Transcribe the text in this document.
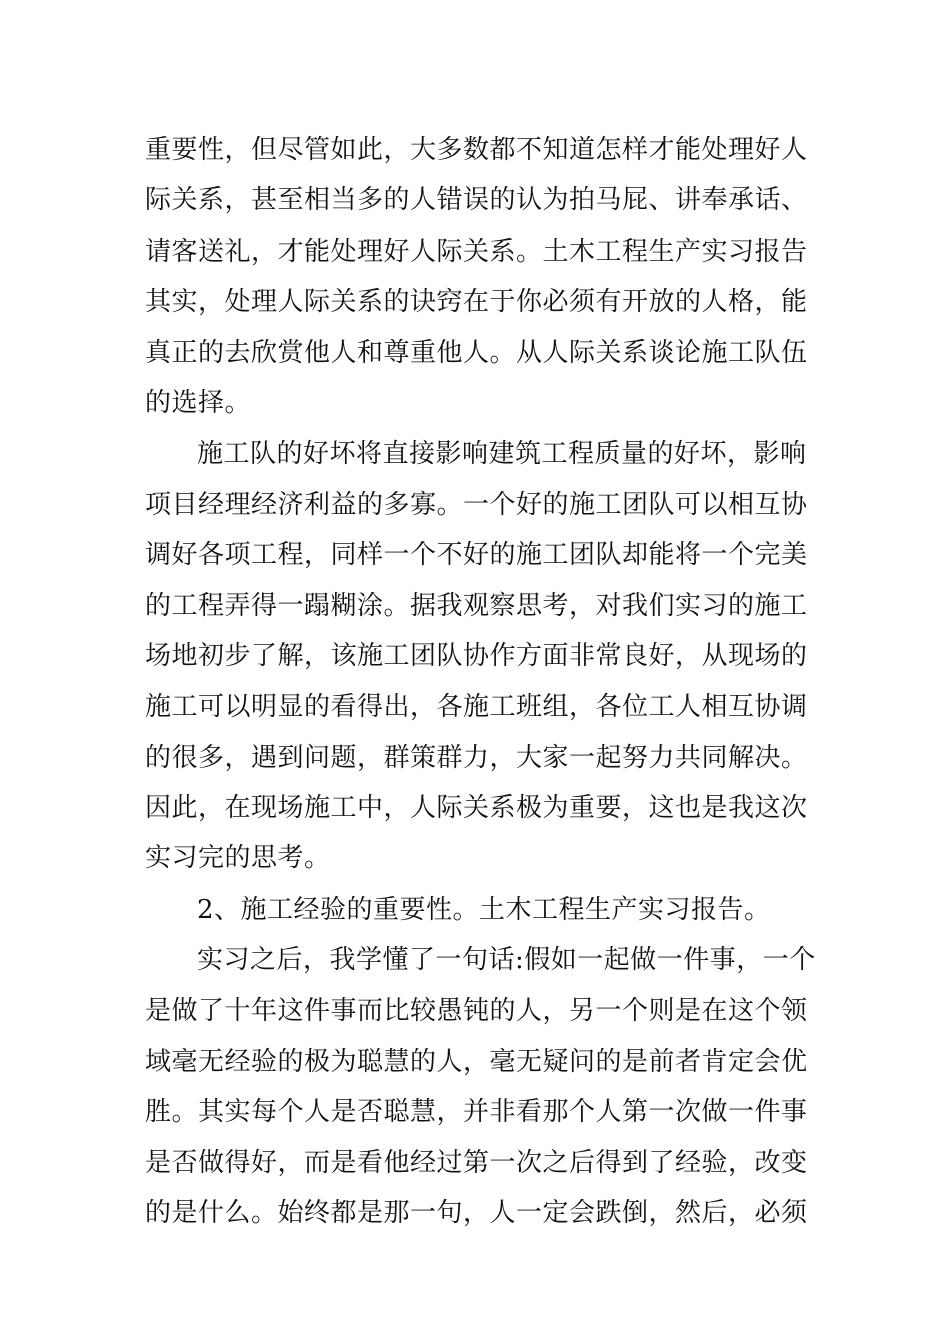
重要性，但尽管如此，大多数都不知道怎样才能处理好人
际关系，甚至相当多的人错误的认为拍马屁、讲奉承话、
请客送礼，才能处理好人际关系。土木工程生产实习报告
其实，处理人际关系的诀窍在于你必须有开放的人格，能
真正的去欣赏他人和尊重他人。从人际关系谈论施工队伍
的选择。
施工队的好坏将直接影响建筑工程质量的好坏，影响
项目经理经济利益的多寡。一个好的施工团队可以相互协
调好各项工程，同样一个不好的施工团队却能将一个完美
的工程弄得一蹋糊涂。据我观察思考，对我们实习的施工
场地初步了解，该施工团队协作方面非常良好，从现场的
施工可以明显的看得出，各施工班组，各位工人相互协调
的很多，遇到问题，群策群力，大家一起努力共同解决。
因此，在现场施工中，人际关系极为重要，这也是我这次
实习完的思考。
2、施工经验的重要性。土木工程生产实习报告。
实习之后，我学懂了一句话:假如一起做一件事，一个
是做了十年这件事而比较愚钝的人，另一个则是在这个领
域毫无经验的极为聪慧的人，毫无疑问的是前者肯定会优
胜。其实每个人是否聪慧，并非看那个人第一次做一件事
是否做得好，而是看他经过第一次之后得到了经验，改变
的是什么。始终都是那一句，人一定会跌倒，然后，必须
